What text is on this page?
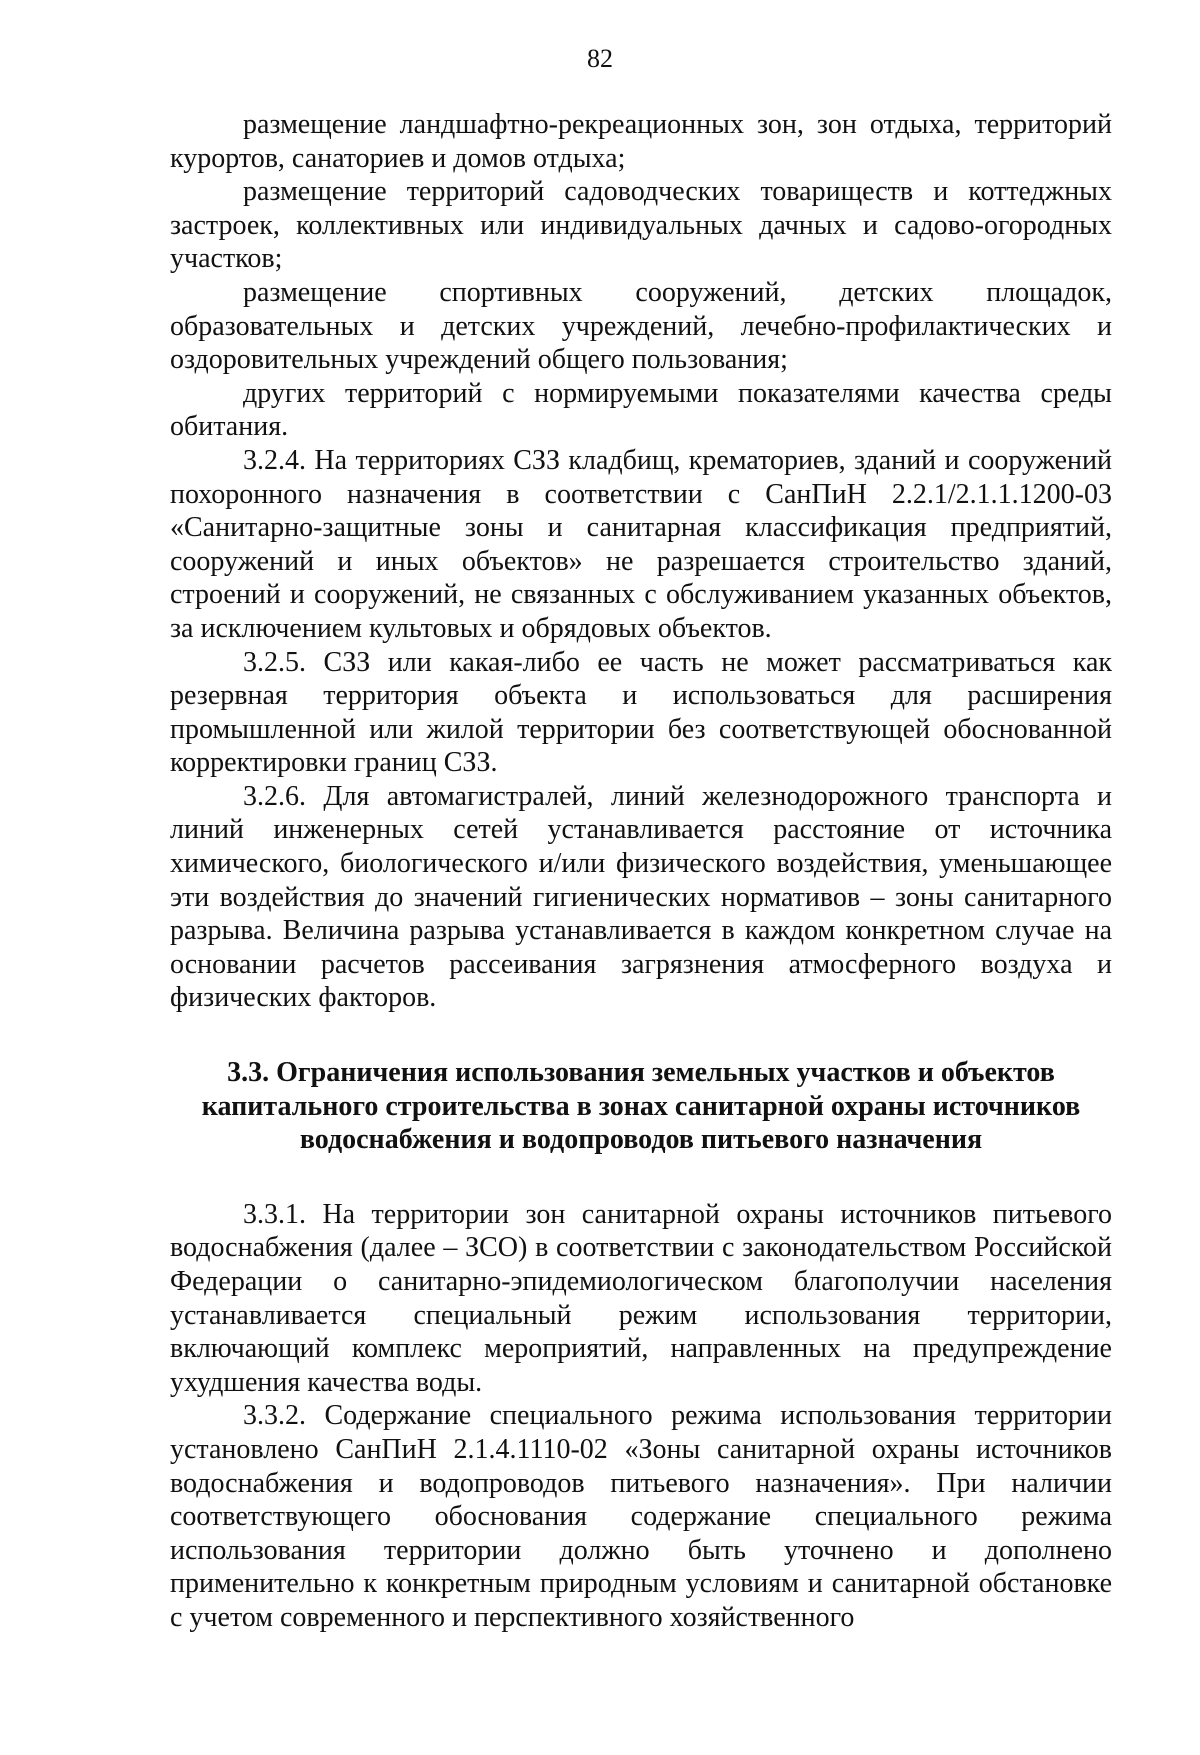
82

размещение ландшафтно-рекреационных зон, зон отдыха, территорий курортов, санаториев и домов отдыха;

размещение территорий садоводческих товариществ и коттеджных застроек, коллективных или индивидуальных дачных и садово-огородных участков;

размещение спортивных сооружений, детских площадок, образовательных и детских учреждений, лечебно-профилактических и оздоровительных учреждений общего пользования;

других территорий с нормируемыми показателями качества среды обитания.

3.2.4. На территориях СЗЗ кладбищ, крематориев, зданий и сооружений похоронного назначения в соответствии с СанПиН 2.2.1/2.1.1.1200-03 «Санитарно-защитные зоны и санитарная классификация предприятий, сооружений и иных объектов» не разрешается строительство зданий, строений и сооружений, не связанных с обслуживанием указанных объектов, за исключением культовых и обрядовых объектов.

3.2.5. СЗЗ или какая-либо ее часть не может рассматриваться как резервная территория объекта и использоваться для расширения промышленной или жилой территории без соответствующей обоснованной корректировки границ СЗЗ.

3.2.6. Для автомагистралей, линий железнодорожного транспорта и линий инженерных сетей устанавливается расстояние от источника химического, биологического и/или физического воздействия, уменьшающее эти воздействия до значений гигиенических нормативов – зоны санитарного разрыва. Величина разрыва устанавливается в каждом конкретном случае на основании расчетов рассеивания загрязнения атмосферного воздуха и физических факторов.

3.3. Ограничения использования земельных участков и объектов
капитального строительства в зонах санитарной охраны источников
водоснабжения и водопроводов питьевого назначения

3.3.1. На территории зон санитарной охраны источников питьевого водоснабжения (далее – ЗСО) в соответствии с законодательством Российской Федерации о санитарно-эпидемиологическом благополучии населения устанавливается специальный режим использования территории, включающий комплекс мероприятий, направленных на предупреждение ухудшения качества воды.

3.3.2. Содержание специального режима использования территории установлено СанПиН 2.1.4.1110-02 «Зоны санитарной охраны источников водоснабжения и водопроводов питьевого назначения». При наличии соответствующего обоснования содержание специального режима использования территории должно быть уточнено и дополнено применительно к конкретным природным условиям и санитарной обстановке с учетом современного и перспективного хозяйственного
